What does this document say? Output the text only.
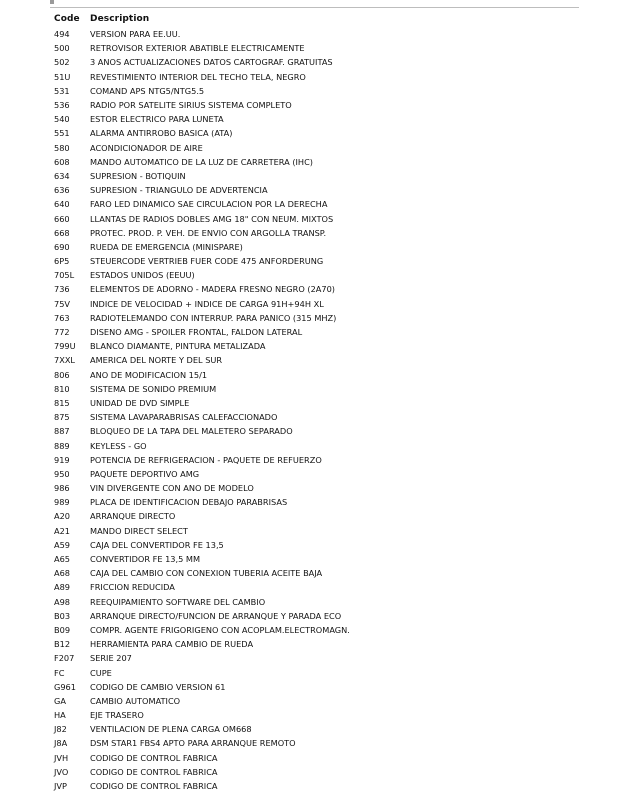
Code	Description
494	VERSION PARA EE.UU.
500	RETROVISOR EXTERIOR ABATIBLE ELECTRICAMENTE
502	3 ANOS ACTUALIZACIONES DATOS CARTOGRAF. GRATUITAS
51U	REVESTIMIENTO INTERIOR DEL TECHO TELA, NEGRO
531	COMAND APS NTG5/NTG5.5
536	RADIO POR SATELITE SIRIUS SISTEMA COMPLETO
540	ESTOR ELECTRICO PARA LUNETA
551	ALARMA ANTIRROBO BASICA (ATA)
580	ACONDICIONADOR DE AIRE
608	MANDO AUTOMATICO DE LA LUZ DE CARRETERA (IHC)
634	SUPRESION - BOTIQUIN
636	SUPRESION - TRIANGULO DE ADVERTENCIA
640	FARO LED DINAMICO SAE CIRCULACION POR LA DERECHA
660	LLANTAS DE RADIOS DOBLES AMG 18" CON NEUM. MIXTOS
668	PROTEC. PROD. P. VEH. DE ENVIO CON ARGOLLA TRANSP.
690	RUEDA DE EMERGENCIA (MINISPARE)
6P5	STEUERCODE VERTRIEB FUER CODE 475 ANFORDERUNG
705L	ESTADOS UNIDOS (EEUU)
736	ELEMENTOS DE ADORNO - MADERA FRESNO NEGRO (2A70)
75V	INDICE DE VELOCIDAD + INDICE DE CARGA 91H+94H XL
763	RADIOTELEMANDO CON INTERRUP. PARA PANICO (315 MHZ)
772	DISENO AMG - SPOILER FRONTAL, FALDON LATERAL
799U	BLANCO DIAMANTE, PINTURA METALIZADA
7XXL	AMERICA DEL NORTE Y DEL SUR
806	ANO DE MODIFICACION 15/1
810	SISTEMA DE SONIDO PREMIUM
815	UNIDAD DE DVD SIMPLE
875	SISTEMA LAVAPARABRISAS CALEFACCIONADO
887	BLOQUEO DE LA TAPA DEL MALETERO SEPARADO
889	KEYLESS - GO
919	POTENCIA DE REFRIGERACION - PAQUETE DE REFUERZO
950	PAQUETE DEPORTIVO AMG
986	VIN DIVERGENTE CON ANO DE MODELO
989	PLACA DE IDENTIFICACION DEBAJO PARABRISAS
A20	ARRANQUE DIRECTO
A21	MANDO DIRECT SELECT
A59	CAJA DEL CONVERTIDOR FE 13,5
A65	CONVERTIDOR FE 13,5 MM
A68	CAJA DEL CAMBIO CON CONEXION TUBERIA ACEITE BAJA
A89	FRICCION REDUCIDA
A98	REEQUIPAMIENTO SOFTWARE DEL CAMBIO
B03	ARRANQUE DIRECTO/FUNCION DE ARRANQUE Y PARADA ECO
B09	COMPR. AGENTE FRIGORIGENO CON ACOPLAM.ELECTROMAGN.
B12	HERRAMIENTA PARA CAMBIO DE RUEDA
F207	SERIE 207
FC	CUPE
G961	CODIGO DE CAMBIO VERSION 61
GA	CAMBIO AUTOMATICO
HA	EJE TRASERO
J82	VENTILACION DE PLENA CARGA OM668
J8A	DSM STAR1 FBS4 APTO PARA ARRANQUE REMOTO
JVH	CODIGO DE CONTROL FABRICA
JVO	CODIGO DE CONTROL FABRICA
JVP	CODIGO DE CONTROL FABRICA
